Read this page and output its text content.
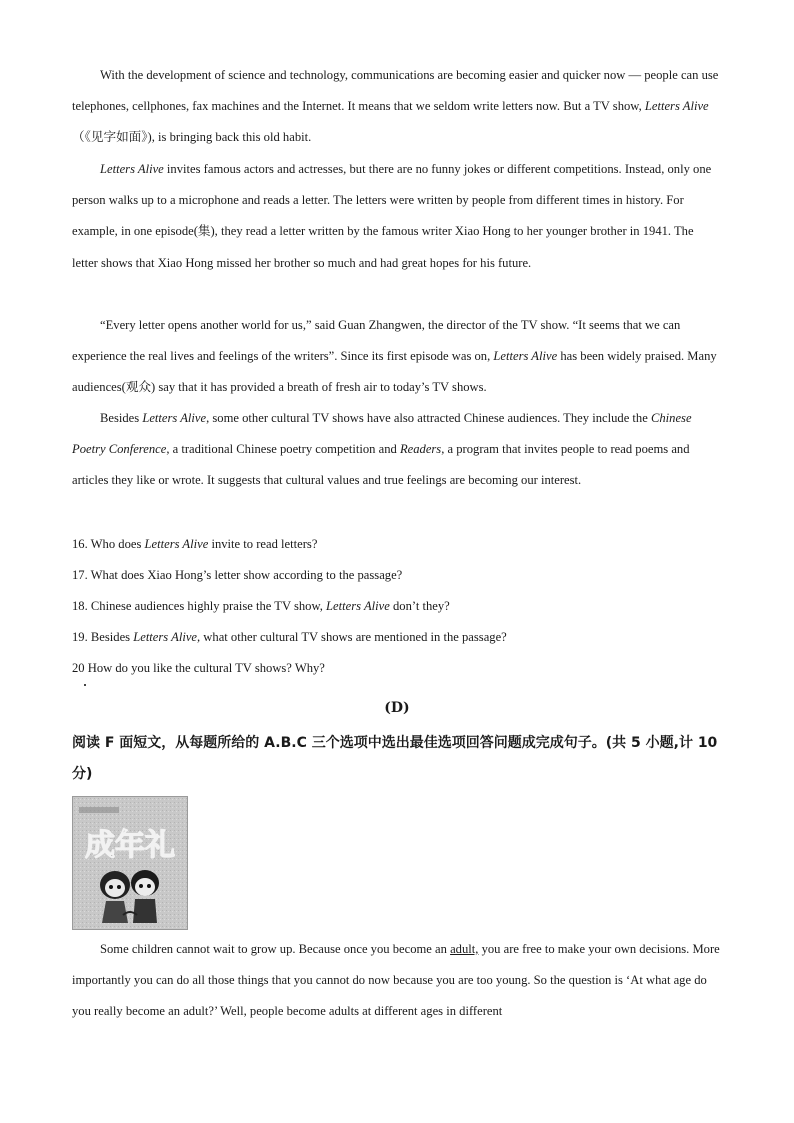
With the development of science and technology, communications are becoming easier and quicker now — people can use telephones, cellphones, fax machines and the Internet. It means that we seldom write letters now. But a TV show, Letters Alive（《见字如面》), is bringing back this old habit.

Letters Alive invites famous actors and actresses, but there are no funny jokes or different competitions. Instead, only one person walks up to a microphone and reads a letter. The letters were written by people from different times in history. For example, in one episode(集), they read a letter written by the famous writer Xiao Hong to her younger brother in 1941. The letter shows that Xiao Hong missed her brother so much and had great hopes for his future.

“Every letter opens another world for us,” said Guan Zhangwen, the director of the TV show. “It seems that we can experience the real lives and feelings of the writers”. Since its first episode was on, Letters Alive has been widely praised. Many audiences(观众) say that it has provided a breath of fresh air to today’s TV shows.

Besides Letters Alive, some other cultural TV shows have also attracted Chinese audiences. They include the Chinese Poetry Conference, a traditional Chinese poetry competition and Readers, a program that invites people to read poems and articles they like or wrote. It suggests that cultural values and true feelings are becoming our interest.

16. Who does Letters Alive invite to read letters?

17. What does Xiao Hong’s letter show according to the passage?

18. Chinese audiences highly praise the TV show, Letters Alive don’t they?

19. Besides Letters Alive, what other cultural TV shows are mentioned in the passage?

20 How do you like the cultural TV shows? Why?

(D)

阅读 F 面短文，从每题所给的 A.B.C 三个选项中选出最佳选项回答问题成完成句子。(共 5 小题,计 10 分)

成年礼

Some children cannot wait to grow up. Because once you become an adult, you are free to make your own decisions. More importantly you can do all those things that you cannot do now because you are too young. So the question is ‘At what age do you really become an adult?’ Well, people become adults at different ages in different
